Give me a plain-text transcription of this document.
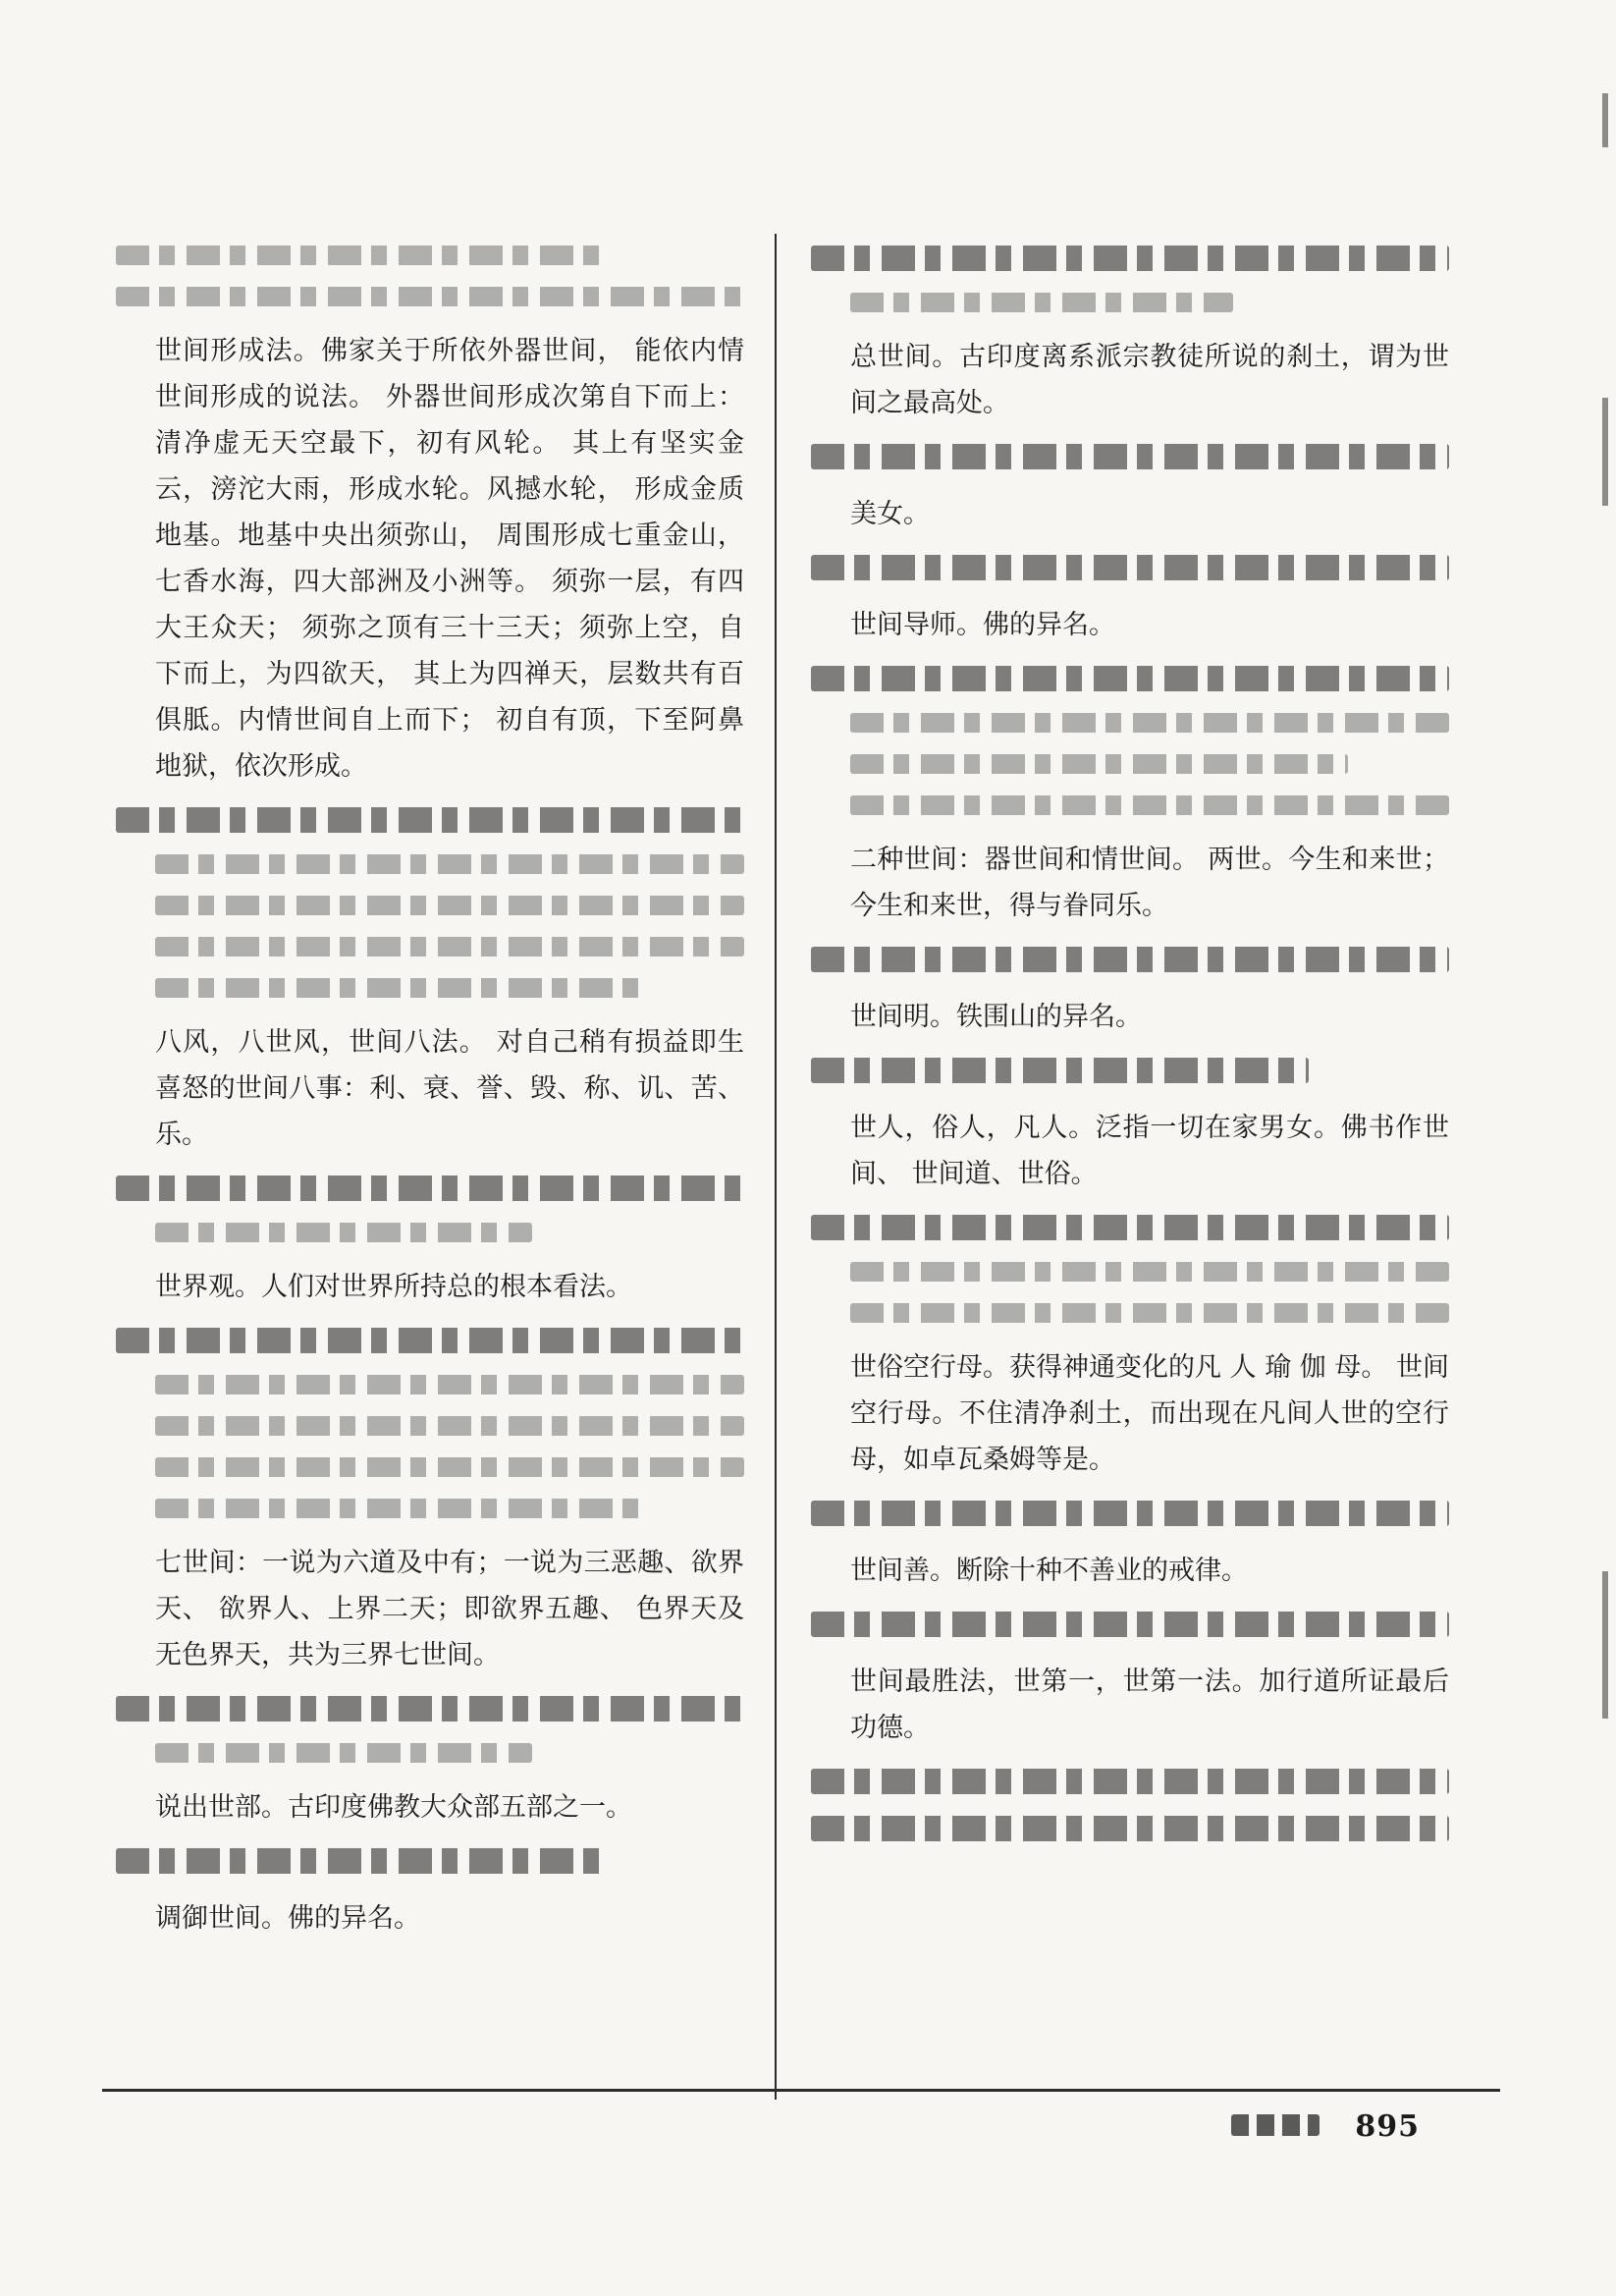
世间形成法。佛家关于所依外器世间， 能依内情世间形成的说法。 外器世间形成次第自下而上：清净虚无天空最下，初有风轮。 其上有坚实金云，滂沱大雨，形成水轮。风撼水轮， 形成金质地基。地基中央出须弥山， 周围形成七重金山，七香水海，四大部洲及小洲等。 须弥一层，有四大王众天； 须弥之顶有三十三天；须弥上空，自下而上，为四欲天， 其上为四禅天，层数共有百俱胝。内情世间自上而下； 初自有顶，下至阿鼻地狱，依次形成。

八风，八世风，世间八法。 对自己稍有损益即生喜怒的世间八事：利、衰、誉、毁、称、讥、苦、乐。

世界观。人们对世界所持总的根本看法。

七世间：一说为六道及中有；一说为三恶趣、欲界天、 欲界人、上界二天；即欲界五趣、 色界天及无色界天，共为三界七世间。

说出世部。古印度佛教大众部五部之一。

调御世间。佛的异名。

总世间。古印度离系派宗教徒所说的刹土，谓为世间之最高处。

美女。

世间导师。佛的异名。

二种世间：器世间和情世间。 两世。今生和来世； 今生和来世，得与眷同乐。

世间明。铁围山的异名。

世人，俗人，凡人。泛指一切在家男女。佛书作世间、 世间道、世俗。

世俗空行母。获得神通变化的凡 人 瑜 伽 母。 世间空行母。不住清净刹土，而出现在凡间人世的空行母，如卓瓦桑姆等是。

世间善。断除十种不善业的戒律。

世间最胜法，世第一，世第一法。加行道所证最后功德。

895
